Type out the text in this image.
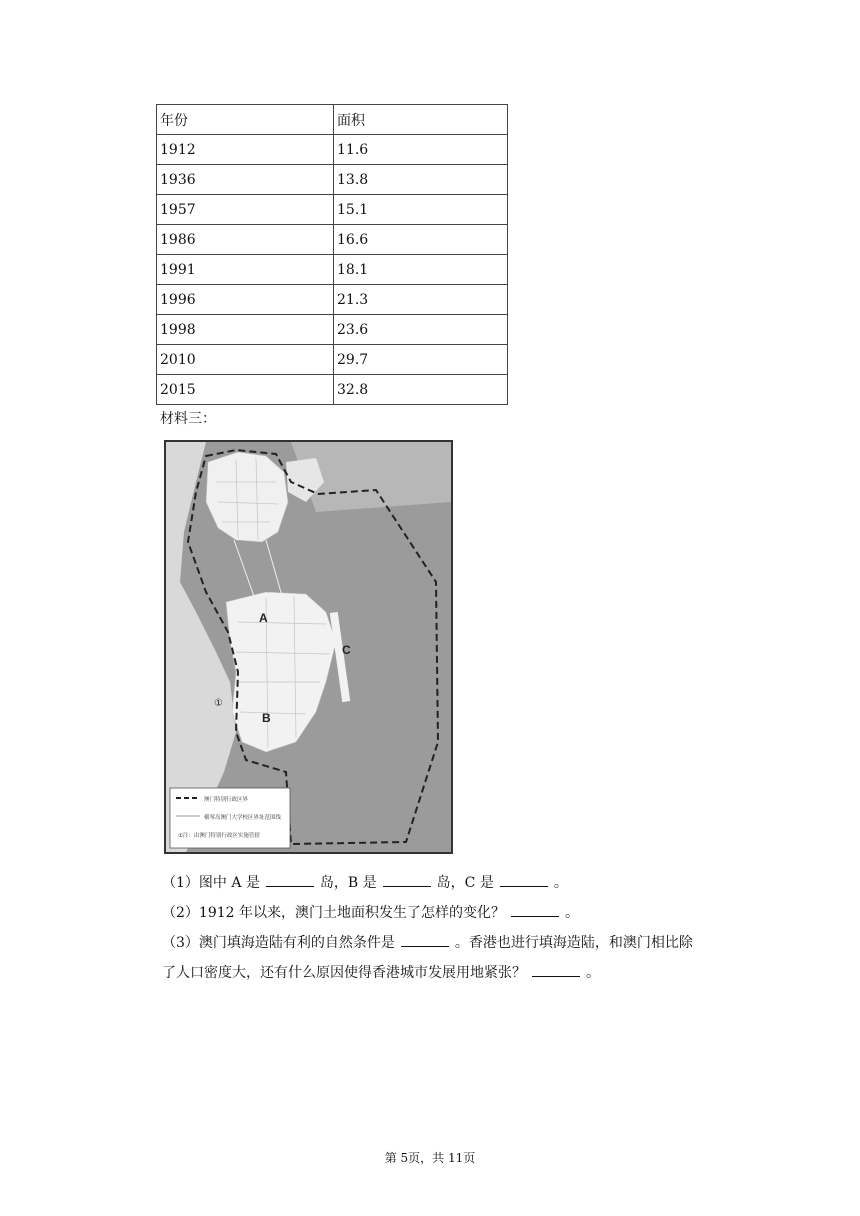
年份	面积
1912	11.6
1936	13.8
1957	15.1
1986	16.6
1991	18.1
1996	21.3
1998	23.6
2010	29.7
2015	32.8
材料三：
A
B
C
①
澳门特别行政区界
横琴岛澳门大学校区界址范围线
①注：由澳门特别行政区实施管辖
（1）图中 A 是	岛，B 是	岛，C 是	。
（2）1912 年以来，澳门土地面积发生了怎样的变化？	。
（3）澳门填海造陆有利的自然条件是	。香港也进行填海造陆，和澳门相比除
了人口密度大，还有什么原因使得香港城市发展用地紧张？	。
第 5页，共 11页
